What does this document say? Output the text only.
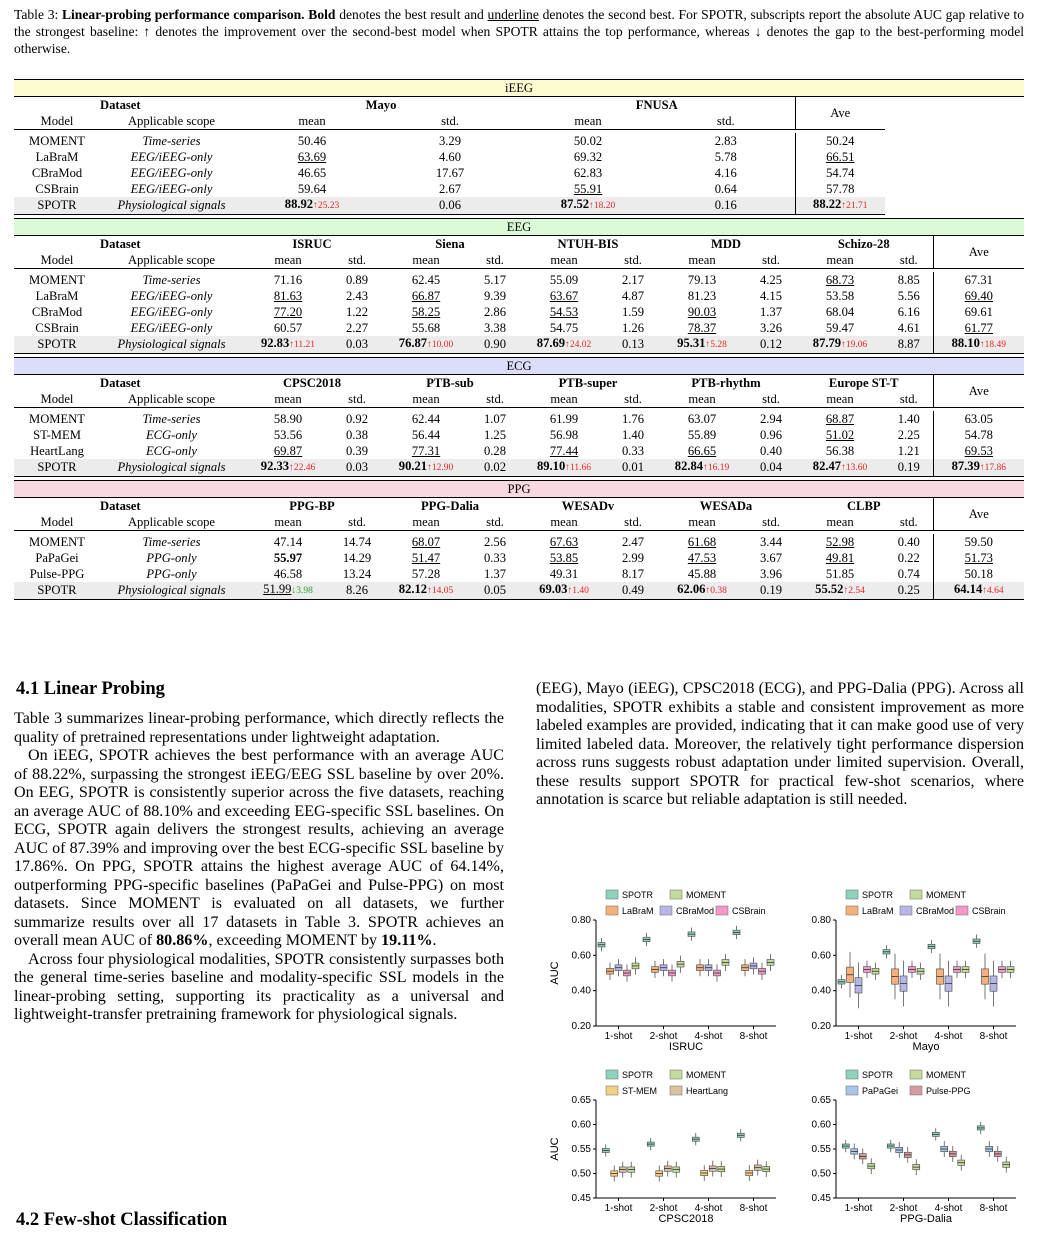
Table 3: Linear-probing performance comparison. Bold denotes the best result and underline denotes the second best. For SPOTR, subscripts report the absolute AUC gap relative to the strongest baseline: ↑ denotes the improvement over the second-best model when SPOTR attains the top performance, whereas ↓ denotes the gap to the best-performing model otherwise.
iEEG												
	Dataset	Mayo				FNUSA				Ave		
Model	Applicable scope	mean		std.		mean		std.				

MOMENT	Time-series	50.46		3.29		50.02		2.83		50.24		
LaBraM	EEG/iEEG-only	63.69		4.60		69.32		5.78		66.51		
CBraMod	EEG/iEEG-only	46.65		17.67		62.83		4.16		54.74		
CSBrain	EEG/iEEG-only	59.64		2.67		55.91		0.64		57.78		
SPOTR	Physiological signals	88.92↑25.23		0.06		87.52↑18.20		0.16		88.22↑21.71		

EEG												
	Dataset	ISRUC		Siena		NTUH-BIS		MDD		Schizo-28		Ave
Model	Applicable scope	mean	std.	mean	std.	mean	std.	mean	std.	mean	std.	

MOMENT	Time-series	71.16	0.89	62.45	5.17	55.09	2.17	79.13	4.25	68.73	8.85	67.31
LaBraM	EEG/iEEG-only	81.63	2.43	66.87	9.39	63.67	4.87	81.23	4.15	53.58	5.56	69.40
CBraMod	EEG/iEEG-only	77.20	1.22	58.25	2.86	54.53	1.59	90.03	1.37	68.04	6.16	69.61
CSBrain	EEG/iEEG-only	60.57	2.27	55.68	3.38	54.75	1.26	78.37	3.26	59.47	4.61	61.77
SPOTR	Physiological signals	92.83↑11.21	0.03	76.87↑10.00	0.90	87.69↑24.02	0.13	95.31↑5.28	0.12	87.79↑19.06	8.87	88.10↑18.49

ECG												
	Dataset	CPSC2018		PTB-sub		PTB-super		PTB-rhythm		Europe ST-T		Ave
Model	Applicable scope	mean	std.	mean	std.	mean	std.	mean	std.	mean	std.	

MOMENT	Time-series	58.90	0.92	62.44	1.07	61.99	1.76	63.07	2.94	68.87	1.40	63.05
ST-MEM	ECG-only	53.56	0.38	56.44	1.25	56.98	1.40	55.89	0.96	51.02	2.25	54.78
HeartLang	ECG-only	69.87	0.39	77.31	0.28	77.44	0.33	66.65	0.40	56.38	1.21	69.53
SPOTR	Physiological signals	92.33↑22.46	0.03	90.21↑12.90	0.02	89.10↑11.66	0.01	82.84↑16.19	0.04	82.47↑13.60	0.19	87.39↑17.86

PPG												
	Dataset	PPG-BP		PPG-Dalia		WESADv		WESADa		CLBP		Ave
Model	Applicable scope	mean	std.	mean	std.	mean	std.	mean	std.	mean	std.	

MOMENT	Time-series	47.14	14.74	68.07	2.56	67.63	2.47	61.68	3.44	52.98	0.40	59.50
PaPaGei	PPG-only	55.97	14.29	51.47	0.33	53.85	2.99	47.53	3.67	49.81	0.22	51.73
Pulse-PPG	PPG-only	46.58	13.24	57.28	1.37	49.31	8.17	45.88	3.96	51.85	0.74	50.18
SPOTR	Physiological signals	51.99↓3.98	8.26	82.12↑14.05	0.05	69.03↑1.40	0.49	62.06↑0.38	0.19	55.52↑2.54	0.25	64.14↑4.64

4.1 Linear Probing

Table 3 summarizes linear-probing performance, which directly reflects the quality of pretrained representations under lightweight adaptation.

On iEEG, SPOTR achieves the best performance with an average AUC of 88.22%, surpassing the strongest iEEG/EEG SSL baseline by over 20%. On EEG, SPOTR is consistently superior across the five datasets, reaching an average AUC of 88.10% and exceeding EEG-specific SSL baselines. On ECG, SPOTR again delivers the strongest results, achieving an average AUC of 87.39% and improving over the best ECG-specific SSL baseline by 17.86%. On PPG, SPOTR attains the highest average AUC of 64.14%, outperforming PPG-specific baselines (PaPaGei and Pulse-PPG) on most datasets. Since MOMENT is evaluated on all datasets, we further summarize results over all 17 datasets in Table 3. SPOTR achieves an overall mean AUC of 80.86%, exceeding MOMENT by 19.11%.

Across four physiological modalities, SPOTR consistently surpasses both the general time-series baseline and modality-specific SSL models in the linear-probing setting, supporting its practicality as a universal and lightweight-transfer pretraining framework for physiological signals.

4.2 Few-shot Classification
(EEG), Mayo (iEEG), CPSC2018 (ECG), and PPG-Dalia (PPG). Across all modalities, SPOTR exhibits a stable and consistent improvement as more labeled examples are provided, indicating that it can make good use of very limited labeled data. Moreover, the relatively tight performance dispersion across runs suggests robust adaptation under limited supervision. Overall, these results support SPOTR for practical few-shot scenarios, where annotation is scarce but reliable adaptation is still needed.
SPOTR	MOMENT
LaBraM CBraMod CSBrain
0.20
0.40
0.60
0.80
AUC
1-shot 2-shot 4-shot 8-shot
ISRUC
SPOTR	MOMENT
LaBraM CBraMod CSBrain
0.20
0.40
0.60
0.80
1-shot 2-shot 4-shot 8-shot
Mayo
SPOTR	MOMENT
ST-MEM	HeartLang
0.45
0.50
0.55
0.60
0.65
AUC
1-shot 2-shot 4-shot 8-shot
CPSC2018
SPOTR	MOMENT
PaPaGei	Pulse-PPG
0.45
0.50
0.55
0.60
0.65
1-shot 2-shot 4-shot 8-shot
PPG-Dalia
